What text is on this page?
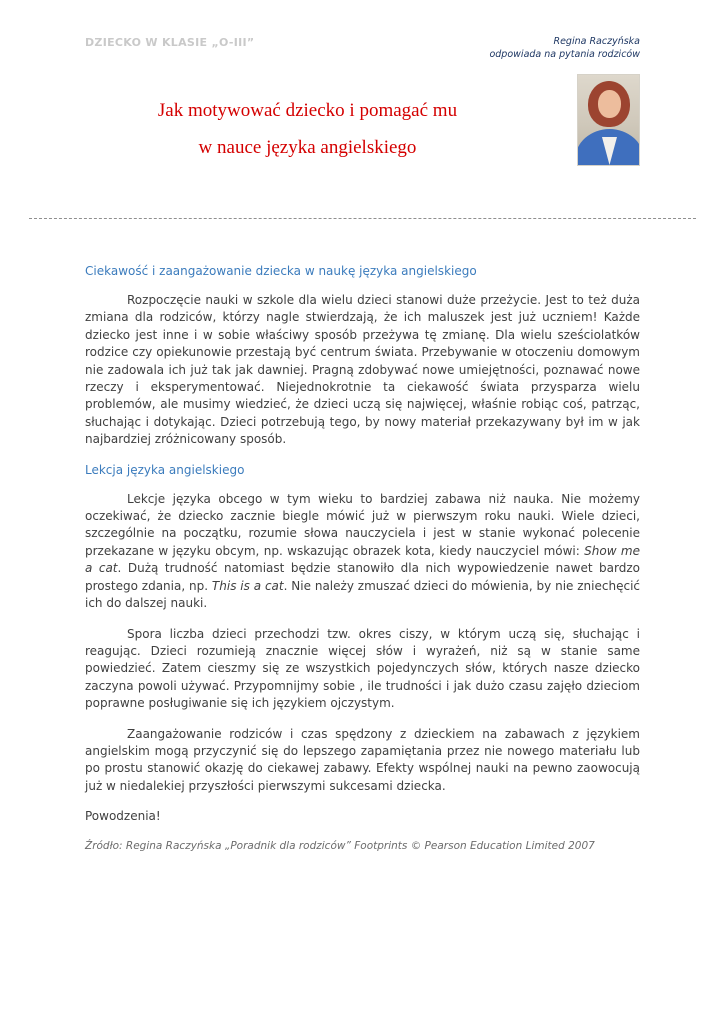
DZIECKO W KLASIE „O-III”	Regina Raczyńska
odpowiada na pytania rodziców
Jak motywować dziecko i pomagać mu
w nauce języka angielskiego
Ciekawość i zaangażowanie dziecka w naukę języka angielskiego

Rozpoczęcie nauki w szkole dla wielu dzieci stanowi duże przeżycie. Jest to też duża zmiana dla rodziców, którzy nagle stwierdzają, że ich maluszek jest już uczniem! Każde dziecko jest inne i w sobie właściwy sposób przeżywa tę zmianę. Dla wielu sześciolatków rodzice czy opiekunowie przestają być centrum świata. Przebywanie w otoczeniu domowym nie zadowala ich już tak jak dawniej. Pragną zdobywać nowe umiejętności, poznawać nowe rzeczy i eksperymentować. Niejednokrotnie ta ciekawość świata przysparza wielu problemów, ale musimy wiedzieć, że dzieci uczą się najwięcej, właśnie robiąc coś, patrząc, słuchając i dotykając. Dzieci potrzebują tego, by nowy materiał przekazywany był im w jak najbardziej zróżnicowany sposób.

Lekcja języka angielskiego

Lekcje języka obcego w tym wieku to bardziej zabawa niż nauka. Nie możemy oczekiwać, że dziecko zacznie biegle mówić już w pierwszym roku nauki. Wiele dzieci, szczególnie na początku, rozumie słowa nauczyciela i jest w stanie wykonać polecenie przekazane w języku obcym, np. wskazując obrazek kota, kiedy nauczyciel mówi: Show me a cat. Dużą trudność natomiast będzie stanowiło dla nich wypowiedzenie nawet bardzo prostego zdania, np. This is a cat. Nie należy zmuszać dzieci do mówienia, by nie zniechęcić ich do dalszej nauki.

Spora liczba dzieci przechodzi tzw. okres ciszy, w którym uczą się, słuchając i reagując. Dzieci rozumieją znacznie więcej słów i wyrażeń, niż są w stanie same powiedzieć. Zatem cieszmy się ze wszystkich pojedynczych słów, których nasze dziecko zaczyna powoli używać. Przypomnijmy sobie , ile trudności i jak dużo czasu zajęło dzieciom poprawne posługiwanie się ich językiem ojczystym.

Zaangażowanie rodziców i czas spędzony z dzieckiem na zabawach z językiem angielskim mogą przyczynić się do lepszego zapamiętania przez nie nowego materiału lub po prostu stanowić okazję do ciekawej zabawy. Efekty wspólnej nauki na pewno zaowocują już w niedalekiej przyszłości pierwszymi sukcesami dziecka.

Powodzenia!

Źródło: Regina Raczyńska „Poradnik dla rodziców” Footprints © Pearson Education Limited 2007
